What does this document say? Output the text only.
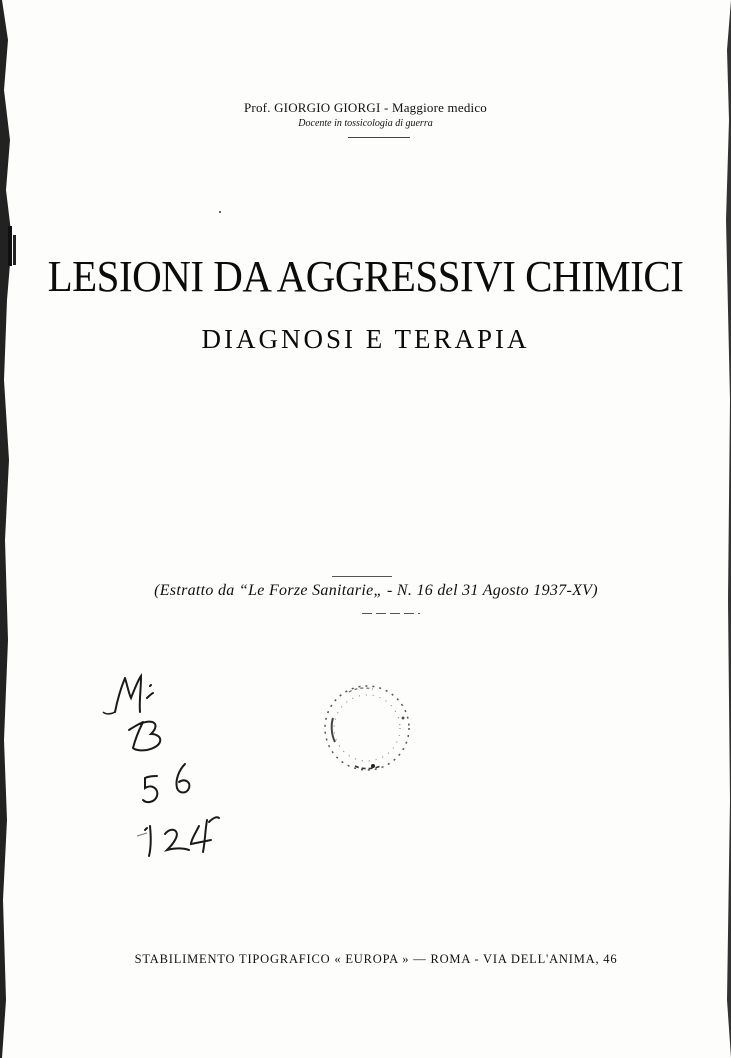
Prof. GIORGIO GIORGI - Maggiore medico
Docente in tossicologia di guerra
LESIONI DA AGGRESSIVI CHIMICI
DIAGNOSI E TERAPIA
(Estratto da “Le Forze Sanitarie„ - N. 16 del 31 Agosto 1937-XV)
STABILIMENTO TIPOGRAFICO « EUROPA » — ROMA - VIA DELL'ANIMA, 46
